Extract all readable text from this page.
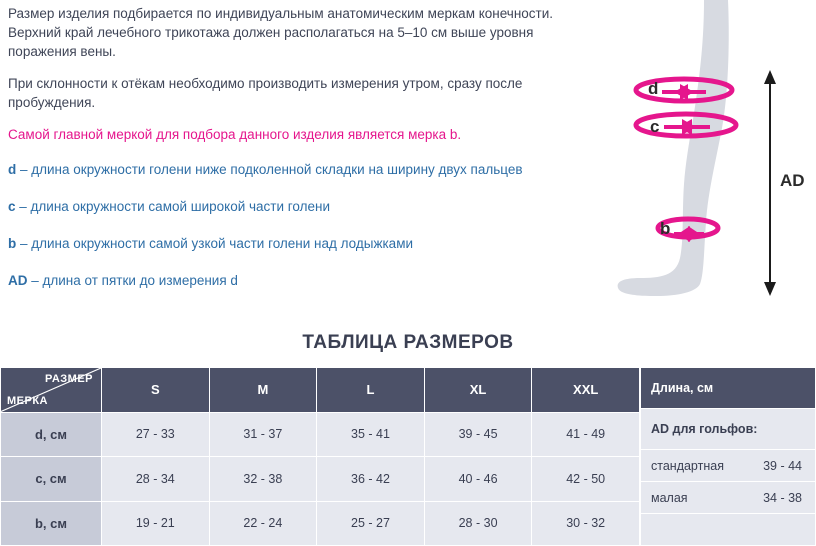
Размер изделия подбирается по индивидуальным анатомическим меркам конечности. Верхний край лечебного трикотажа должен располагаться на 5–10 см выше уровня поражения вены.
При склонности к отёкам необходимо производить измерения утром, сразу после пробуждения.
Самой главной меркой для подбора данного изделия является мерка b.
d – длина окружности голени ниже подколенной складки на ширину двух пальцев
c – длина окружности самой широкой части голени
b – длина окружности самой узкой части голени над лодыжками
AD – длина от пятки до измерения d
d
c
b
AD
ТАБЛИЦА РАЗМЕРОВ
РАЗМЕР
МЕРКА	S	M	L	XL	XXL
d, см	27 - 33	31 - 37	35 - 41	39 - 45	41 - 49
c, см	28 - 34	32 - 38	36 - 42	40 - 46	42 - 50
b, см	19 - 21	22 - 24	25 - 27	28 - 30	30 - 32
Длина, см
AD для гольфов:
стандартная	39 - 44

малая	34 - 38
